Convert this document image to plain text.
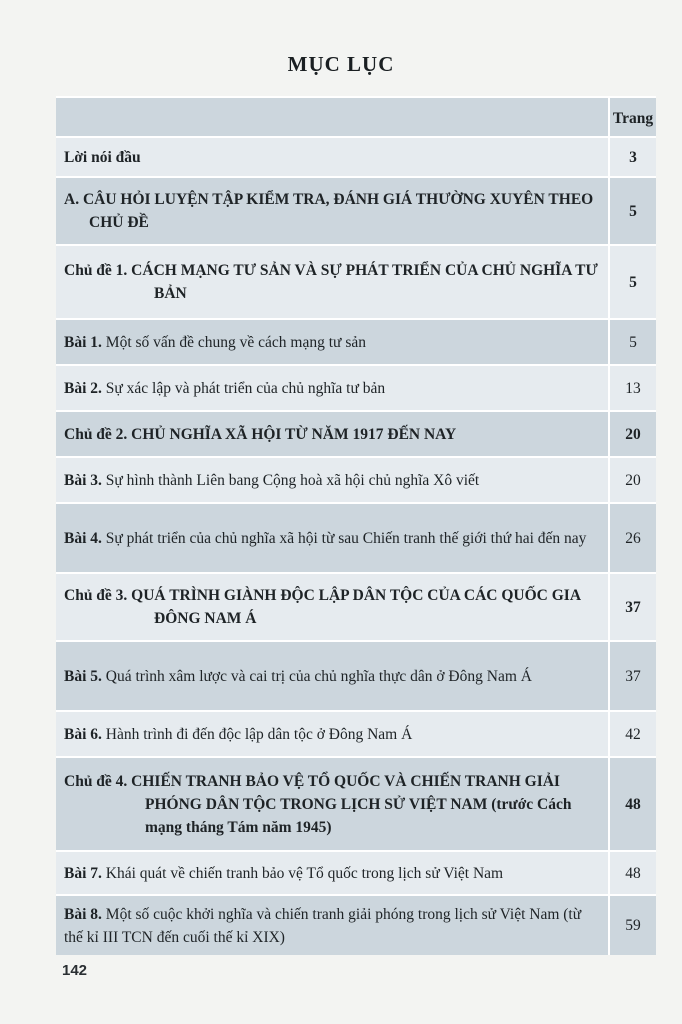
MỤC LỤC
	Trang
Lời nói đầu	3

A. CÂU HỎI LUYỆN TẬP KIỂM TRA, ĐÁNH GIÁ THƯỜNG XUYÊN THEO CHỦ ĐỀ	5

Chủ đề 1. CÁCH MẠNG TƯ SẢN VÀ SỰ PHÁT TRIỂN CỦA CHỦ NGHĨA TƯ BẢN	5
Bài 1. Một số vấn đề chung về cách mạng tư sản	5
Bài 2. Sự xác lập và phát triển của chủ nghĩa tư bản	13
Chủ đề 2. CHỦ NGHĨA XÃ HỘI TỪ NĂM 1917 ĐẾN NAY	20
Bài 3. Sự hình thành Liên bang Cộng hoà xã hội chủ nghĩa Xô viết	20
Bài 4. Sự phát triển của chủ nghĩa xã hội từ sau Chiến tranh thế giới thứ hai đến nay	26

Chủ đề 3. QUÁ TRÌNH GIÀNH ĐỘC LẬP DÂN TỘC CỦA CÁC QUỐC GIA ĐÔNG NAM Á	37
Bài 5. Quá trình xâm lược và cai trị của chủ nghĩa thực dân ở Đông Nam Á	37
Bài 6. Hành trình đi đến độc lập dân tộc ở Đông Nam Á	42

Chủ đề 4. CHIẾN TRANH BẢO VỆ TỔ QUỐC VÀ CHIẾN TRANH GIẢI PHÓNG DÂN TỘC TRONG LỊCH SỬ VIỆT NAM (trước Cách mạng tháng Tám năm 1945)	48
Bài 7. Khái quát về chiến tranh bảo vệ Tổ quốc trong lịch sử Việt Nam	48
Bài 8. Một số cuộc khởi nghĩa và chiến tranh giải phóng trong lịch sử Việt Nam (từ thế kỉ III TCN đến cuối thế kỉ XIX)	59
142
